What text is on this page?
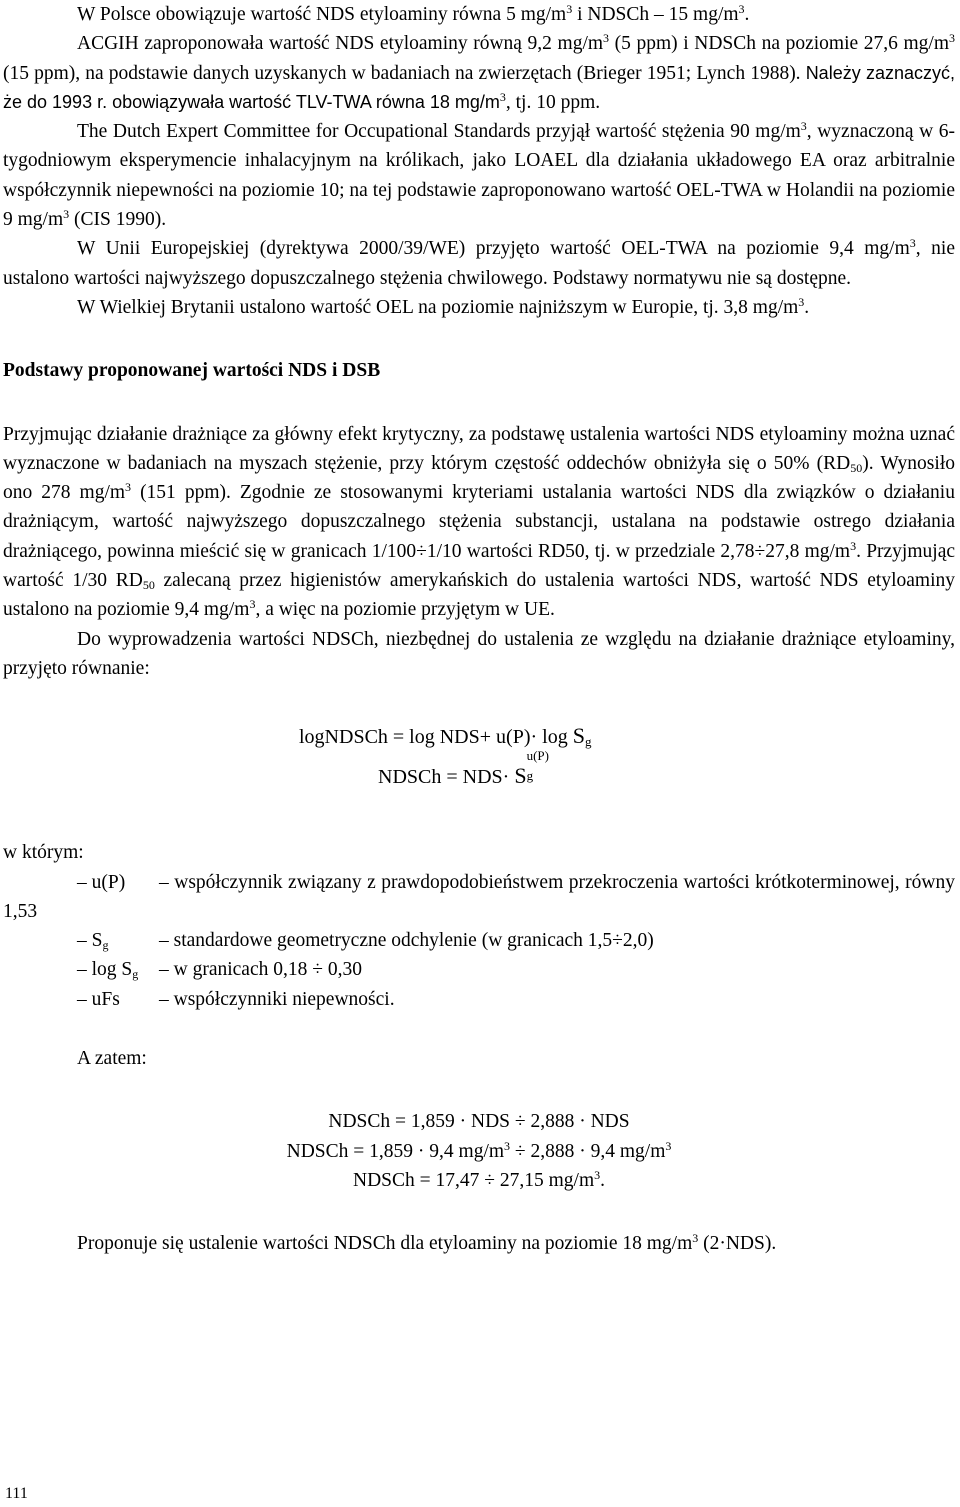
W Polsce obowiązuje wartość NDS etyloaminy równa 5 $mg/m^3$ i NDSCh – 15 $mg/m^3$.

ACGIH zaproponowała wartość NDS etyloaminy równą 9,2 $mg/m^3$ (5 ppm) i NDSCh na poziomie 27,6 $mg/m^3$ (15 ppm), na podstawie danych uzyskanych w badaniach na zwierzętach (Brieger 1951; Lynch 1988). Należy zaznaczyć, że do 1993 r. obowiązywała wartość TLV-TWA równa 18 $mg/m^3$, tj. 10 ppm.

The Dutch Expert Committee for Occupational Standards przyjął wartość stężenia 90 $mg/m^3$, wyznaczoną w 6-tygodniowym eksperymencie inhalacyjnym na królikach, jako LOAEL dla działania układowego EA oraz arbitralnie współczynnik niepewności na poziomie 10; na tej podstawie zaproponowano wartość OEL-TWA w Holandii na poziomie 9 $mg/m^3$ (CIS 1990).

W Unii Europejskiej (dyrektywa 2000/39/WE) przyjęto wartość OEL-TWA na poziomie 9,4 $mg/m^3$, nie ustalono wartości najwyższego dopuszczalnego stężenia chwilowego. Podstawy normatywu nie są dostępne.

W Wielkiej Brytanii ustalono wartość OEL na poziomie najniższym w Europie, tj. 3,8 $mg/m^3$.

Podstawy proponowanej wartości NDS i DSB

Przyjmując działanie drażniące za główny efekt krytyczny, za podstawę ustalenia wartości NDS etyloaminy można uznać wyznaczone w badaniach na myszach stężenie, przy którym częstość oddechów obniżyła się o 50% $(RD_{50})$. Wynosiło ono 278 $mg/m^3$ (151 ppm). Zgodnie ze stosowanymi kryteriami ustalania wartości NDS dla związków o działaniu drażniącym, wartość najwyższego dopuszczalnego stężenia substancji, ustalana na podstawie ostrego działania drażniącego, powinna mieścić się w granicach 1/100÷1/10 wartości RD50, tj. w przedziale 2,78÷27,8 $mg/m^3$. Przyjmując wartość 1/30 $RD_{50}$ zalecaną przez higienistów amerykańskich do ustalenia wartości NDS, wartość NDS etyloaminy ustalono na poziomie 9,4 $mg/m^3$, a więc na poziomie przyjętym w UE.

Do wyprowadzenia wartości NDSCh, niezbędnej do ustalenia ze względu na działanie drażniące etyloaminy, przyjęto równanie:

logNDSCh = log NDS+ u(P)· log Sg
NDSCh = NDS· S
u(P)
g

w którym:

– u(P) – współczynnik związany z prawdopodobieństwem przekroczenia wartości krótkoterminowej, równy 1,53

– $S_g$	– standardowe geometryczne odchylenie (w granicach 1,5÷2,0)

– $\log S_g$ – w granicach 0,18 ÷ 0,30

– uFs – współczynniki niepewności.

A zatem:

NDSCh = 1,859 · NDS ÷ 2,888 · NDS

NDSCh = 1,859 · 9,4 $mg/m^3 \div 2,888 \cdot 9,4$ $mg/m^3$

NDSCh = 17,47 ÷ 27,15 $mg/m^3$.

Proponuje się ustalenie wartości NDSCh dla etyloaminy na poziomie 18 $mg/m^3$ (2·NDS).

111
